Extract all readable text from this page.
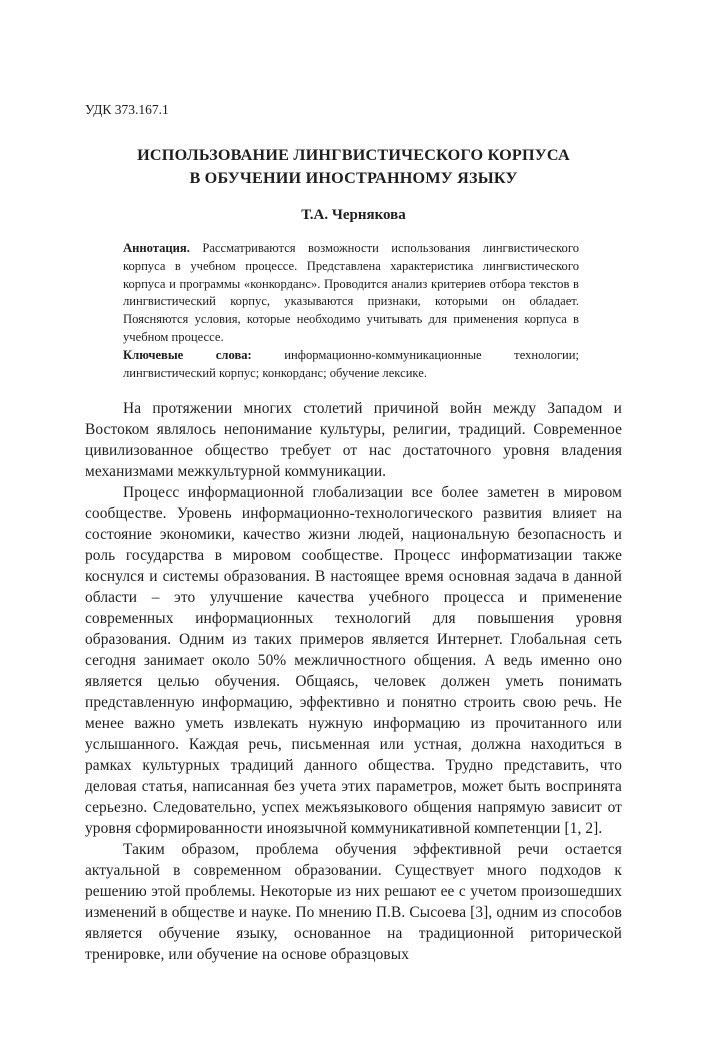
УДК 373.167.1
ИСПОЛЬЗОВАНИЕ ЛИНГВИСТИЧЕСКОГО КОРПУСА
В ОБУЧЕНИИ ИНОСТРАННОМУ ЯЗЫКУ
Т.А. Чернякова

Аннотация. Рассматриваются возможности использования лингвистического корпуса в учебном процессе. Представлена характеристика лингвистического корпуса и программы «конкорданс». Проводится анализ критериев отбора текстов в лингвистический корпус, указываются признаки, которыми он обладает. Поясняются условия, которые необходимо учитывать для применения корпуса в учебном процессе.

Ключевые слова: информационно-коммуникационные технологии; лингвистический корпус; конкорданс; обучение лексике.

На протяжении многих столетий причиной войн между Западом и Востоком являлось непонимание культуры, религии, традиций. Современное цивилизованное общество требует от нас достаточного уровня владения механизмами межкультурной коммуникации.

Процесс информационной глобализации все более заметен в мировом сообществе. Уровень информационно-технологического развития влияет на состояние экономики, качество жизни людей, национальную безопасность и роль государства в мировом сообществе. Процесс информатизации также коснулся и системы образования. В настоящее время основная задача в данной области – это улучшение качества учебного процесса и применение современных информационных технологий для повышения уровня образования. Одним из таких примеров является Интернет. Глобальная сеть сегодня занимает около 50% межличностного общения. А ведь именно оно является целью обучения. Общаясь, человек должен уметь понимать представленную информацию, эффективно и понятно строить свою речь. Не менее важно уметь извлекать нужную информацию из прочитанного или услышанного. Каждая речь, письменная или устная, должна находиться в рамках культурных традиций данного общества. Трудно представить, что деловая статья, написанная без учета этих параметров, может быть воспринята серьезно. Следовательно, успех межъязыкового общения напрямую зависит от уровня сформированности иноязычной коммуникативной компетенции [1, 2].

Таким образом, проблема обучения эффективной речи остается актуальной в современном образовании. Существует много подходов к решению этой проблемы. Некоторые из них решают ее с учетом произошедших изменений в обществе и науке. По мнению П.В. Сысоева [3], одним из способов является обучение языку, основанное на традиционной риторической тренировке, или обучение на основе образцовых
